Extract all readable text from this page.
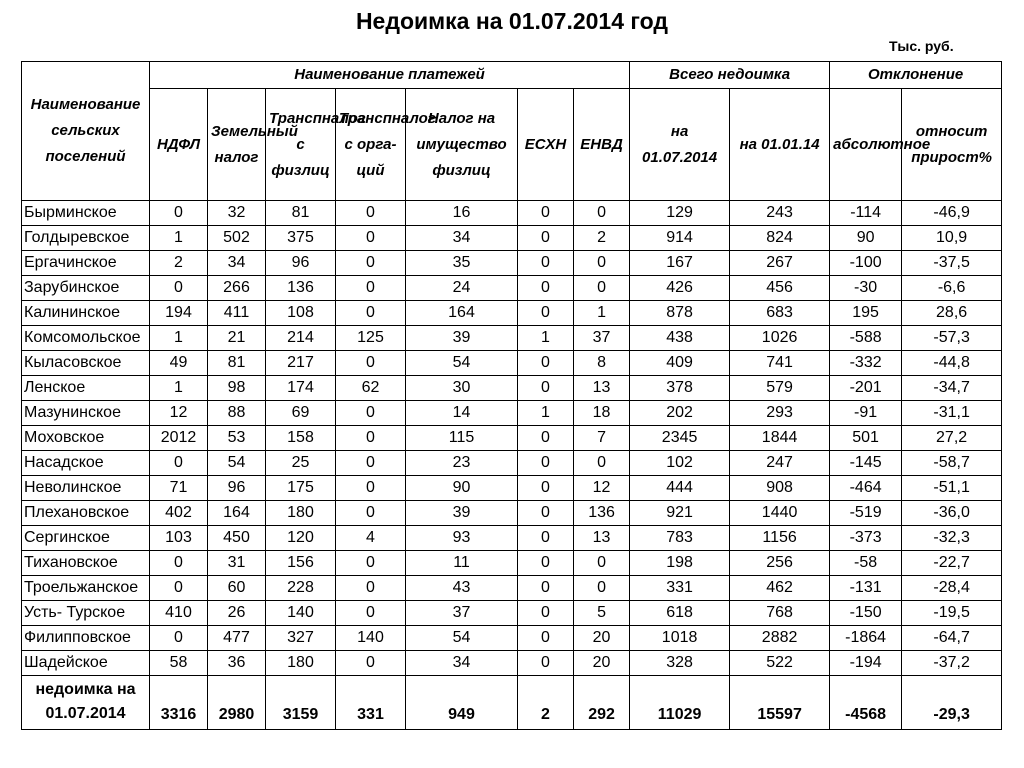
Недоимка на 01.07.2014 год
Тыс. руб.
Наименование сельских поселений	Наименование платежей							Всего недоимка		Отклонение	
	НДФЛ	Земельный налог	Транспналог с физлиц	Транспналог с орга- ций	Налог на имущество физлиц	ЕСХН	ЕНВД	на 01.07.2014	на 01.01.14	абсолютное	относит прирост%
Бырминское	0	32	81	0	16	0	0	129	243	-114	-46,9
Голдыревское	1	502	375	0	34	0	2	914	824	90	10,9
Ергачинское	2	34	96	0	35	0	0	167	267	-100	-37,5
Зарубинское	0	266	136	0	24	0	0	426	456	-30	-6,6
Калининское	194	411	108	0	164	0	1	878	683	195	28,6
Комсомольское	1	21	214	125	39	1	37	438	1026	-588	-57,3
Кыласовское	49	81	217	0	54	0	8	409	741	-332	-44,8
Ленское	1	98	174	62	30	0	13	378	579	-201	-34,7
Мазунинское	12	88	69	0	14	1	18	202	293	-91	-31,1
Моховское	2012	53	158	0	115	0	7	2345	1844	501	27,2
Насадское	0	54	25	0	23	0	0	102	247	-145	-58,7
Неволинское	71	96	175	0	90	0	12	444	908	-464	-51,1
Плехановское	402	164	180	0	39	0	136	921	1440	-519	-36,0
Сергинское	103	450	120	4	93	0	13	783	1156	-373	-32,3
Тихановское	0	31	156	0	11	0	0	198	256	-58	-22,7
Троельжанское	0	60	228	0	43	0	0	331	462	-131	-28,4
Усть- Турское	410	26	140	0	37	0	5	618	768	-150	-19,5
Филипповское	0	477	327	140	54	0	20	1018	2882	-1864	-64,7
Шадейское	58	36	180	0	34	0	20	328	522	-194	-37,2
недоимка на 01.07.2014	3316	2980	3159	331	949	2	292	11029	15597	-4568	-29,3
